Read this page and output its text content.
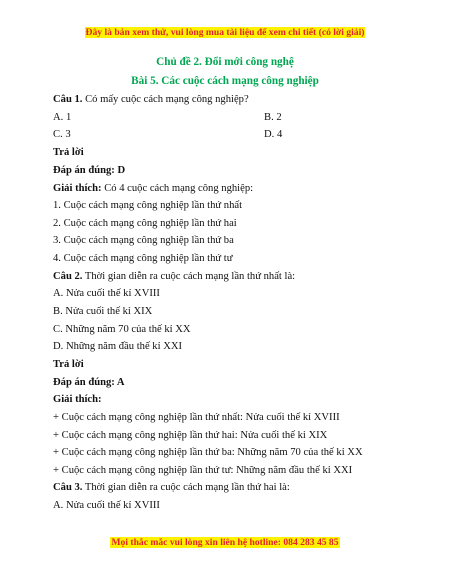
Đây là bản xem thử, vui lòng mua tài liệu để xem chi tiết (có lời giải)
Chủ đề 2. Đổi mới công nghệ
Bài 5. Các cuộc cách mạng công nghiệp
Câu 1. Có mấy cuộc cách mạng công nghiệp?
A. 1	B. 2
C. 3	D. 4
Trả lời
Đáp án đúng: D
Giải thích: Có 4 cuộc cách mạng công nghiệp:
1. Cuộc cách mạng công nghiệp lần thứ nhất
2. Cuộc cách mạng công nghiệp lần thứ hai
3. Cuộc cách mạng công nghiệp lần thứ ba
4. Cuộc cách mạng công nghiệp lần thứ tư
Câu 2. Thời gian diễn ra cuộc cách mạng lần thứ nhất là:
A. Nửa cuối thế kỉ XVIII
B. Nửa cuối thế kỉ XIX
C. Những năm 70 của thế kỉ XX
D. Những năm đầu thế kỉ XXI
Trả lời
Đáp án đúng: A
Giải thích:
+ Cuộc cách mạng công nghiệp lần thứ nhất: Nửa cuối thế kỉ XVIII
+ Cuộc cách mạng công nghiệp lần thứ hai: Nửa cuối thế kỉ XIX
+ Cuộc cách mạng công nghiệp lần thứ ba: Những năm 70 của thế kỉ XX
+ Cuộc cách mạng công nghiệp lần thứ tư: Những năm đầu thế kỉ XXI
Câu 3. Thời gian diễn ra cuộc cách mạng lần thứ hai là:
A. Nửa cuối thế kỉ XVIII
Mọi thắc mắc vui lòng xin liên hệ hotline: 084 283 45 85
